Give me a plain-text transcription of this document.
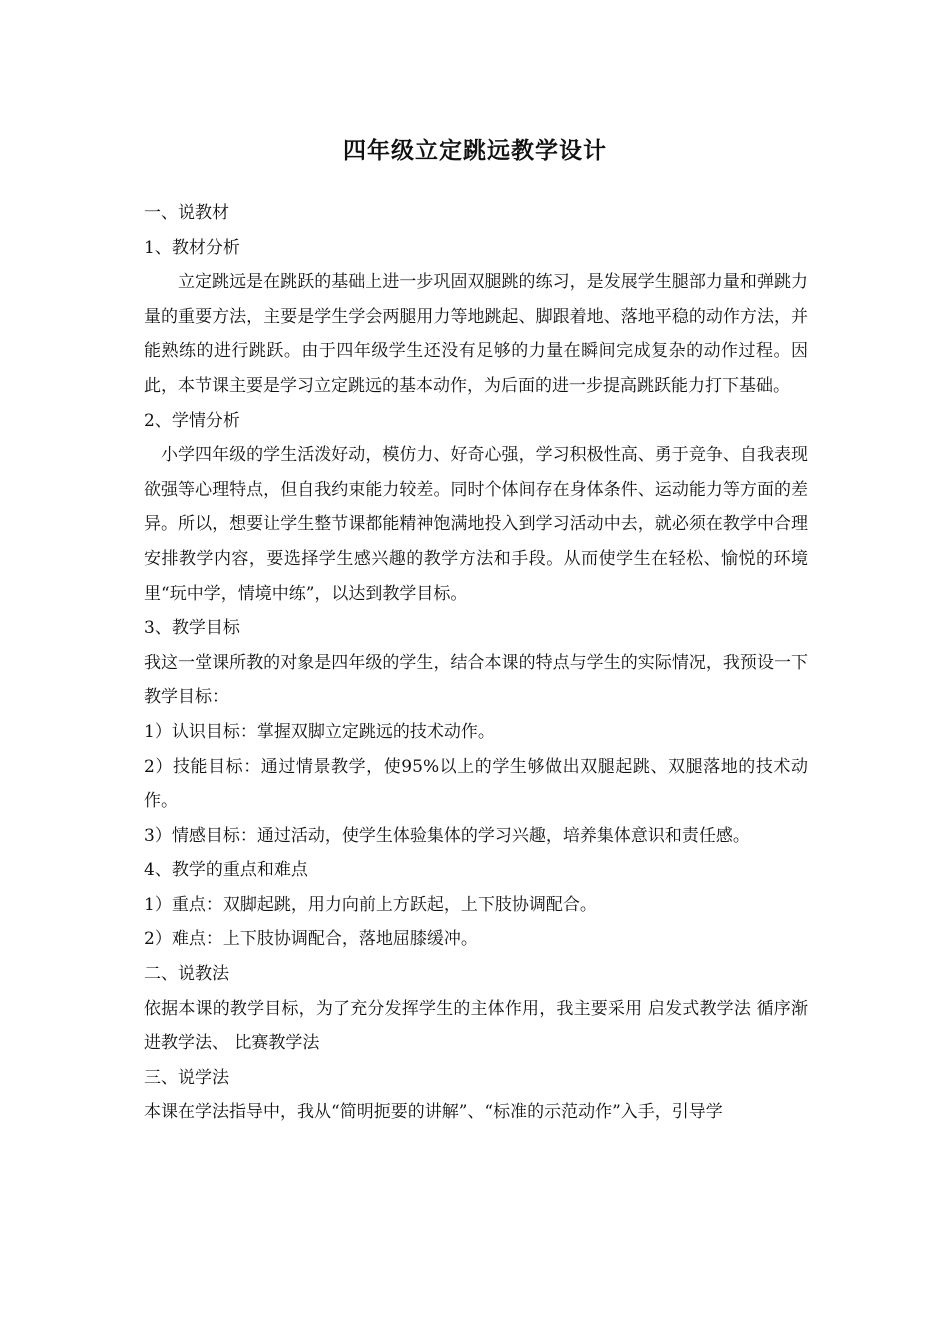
四年级立定跳远教学设计

一、说教材

1、教材分析

立定跳远是在跳跃的基础上进一步巩固双腿跳的练习，是发展学生腿部力量和弹跳力量的重要方法，主要是学生学会两腿用力等地跳起、脚跟着地、落地平稳的动作方法，并能熟练的进行跳跃。由于四年级学生还没有足够的力量在瞬间完成复杂的动作过程。因此，本节课主要是学习立定跳远的基本动作，为后面的进一步提高跳跃能力打下基础。

2、学情分析

小学四年级的学生活泼好动，模仿力、好奇心强，学习积极性高、勇于竞争、自我表现欲强等心理特点，但自我约束能力较差。同时个体间存在身体条件、运动能力等方面的差异。所以，想要让学生整节课都能精神饱满地投入到学习活动中去，就必须在教学中合理安排教学内容，要选择学生感兴趣的教学方法和手段。从而使学生在轻松、愉悦的环境里“玩中学，情境中练”，以达到教学目标。

3、教学目标

我这一堂课所教的对象是四年级的学生，结合本课的特点与学生的实际情况，我预设一下教学目标：

1）认识目标：掌握双脚立定跳远的技术动作。

2）技能目标：通过情景教学，使95%以上的学生够做出双腿起跳、双腿落地的技术动作。

3）情感目标：通过活动，使学生体验集体的学习兴趣，培养集体意识和责任感。

4、教学的重点和难点

1）重点：双脚起跳，用力向前上方跃起，上下肢协调配合。

2）难点：上下肢协调配合，落地屈膝缓冲。

二、说教法

依据本课的教学目标，为了充分发挥学生的主体作用，我主要采用 启发式教学法 循序渐进教学法、 比赛教学法

三、说学法

本课在学法指导中，我从“简明扼要的讲解”、“标准的示范动作”入手，引导学
